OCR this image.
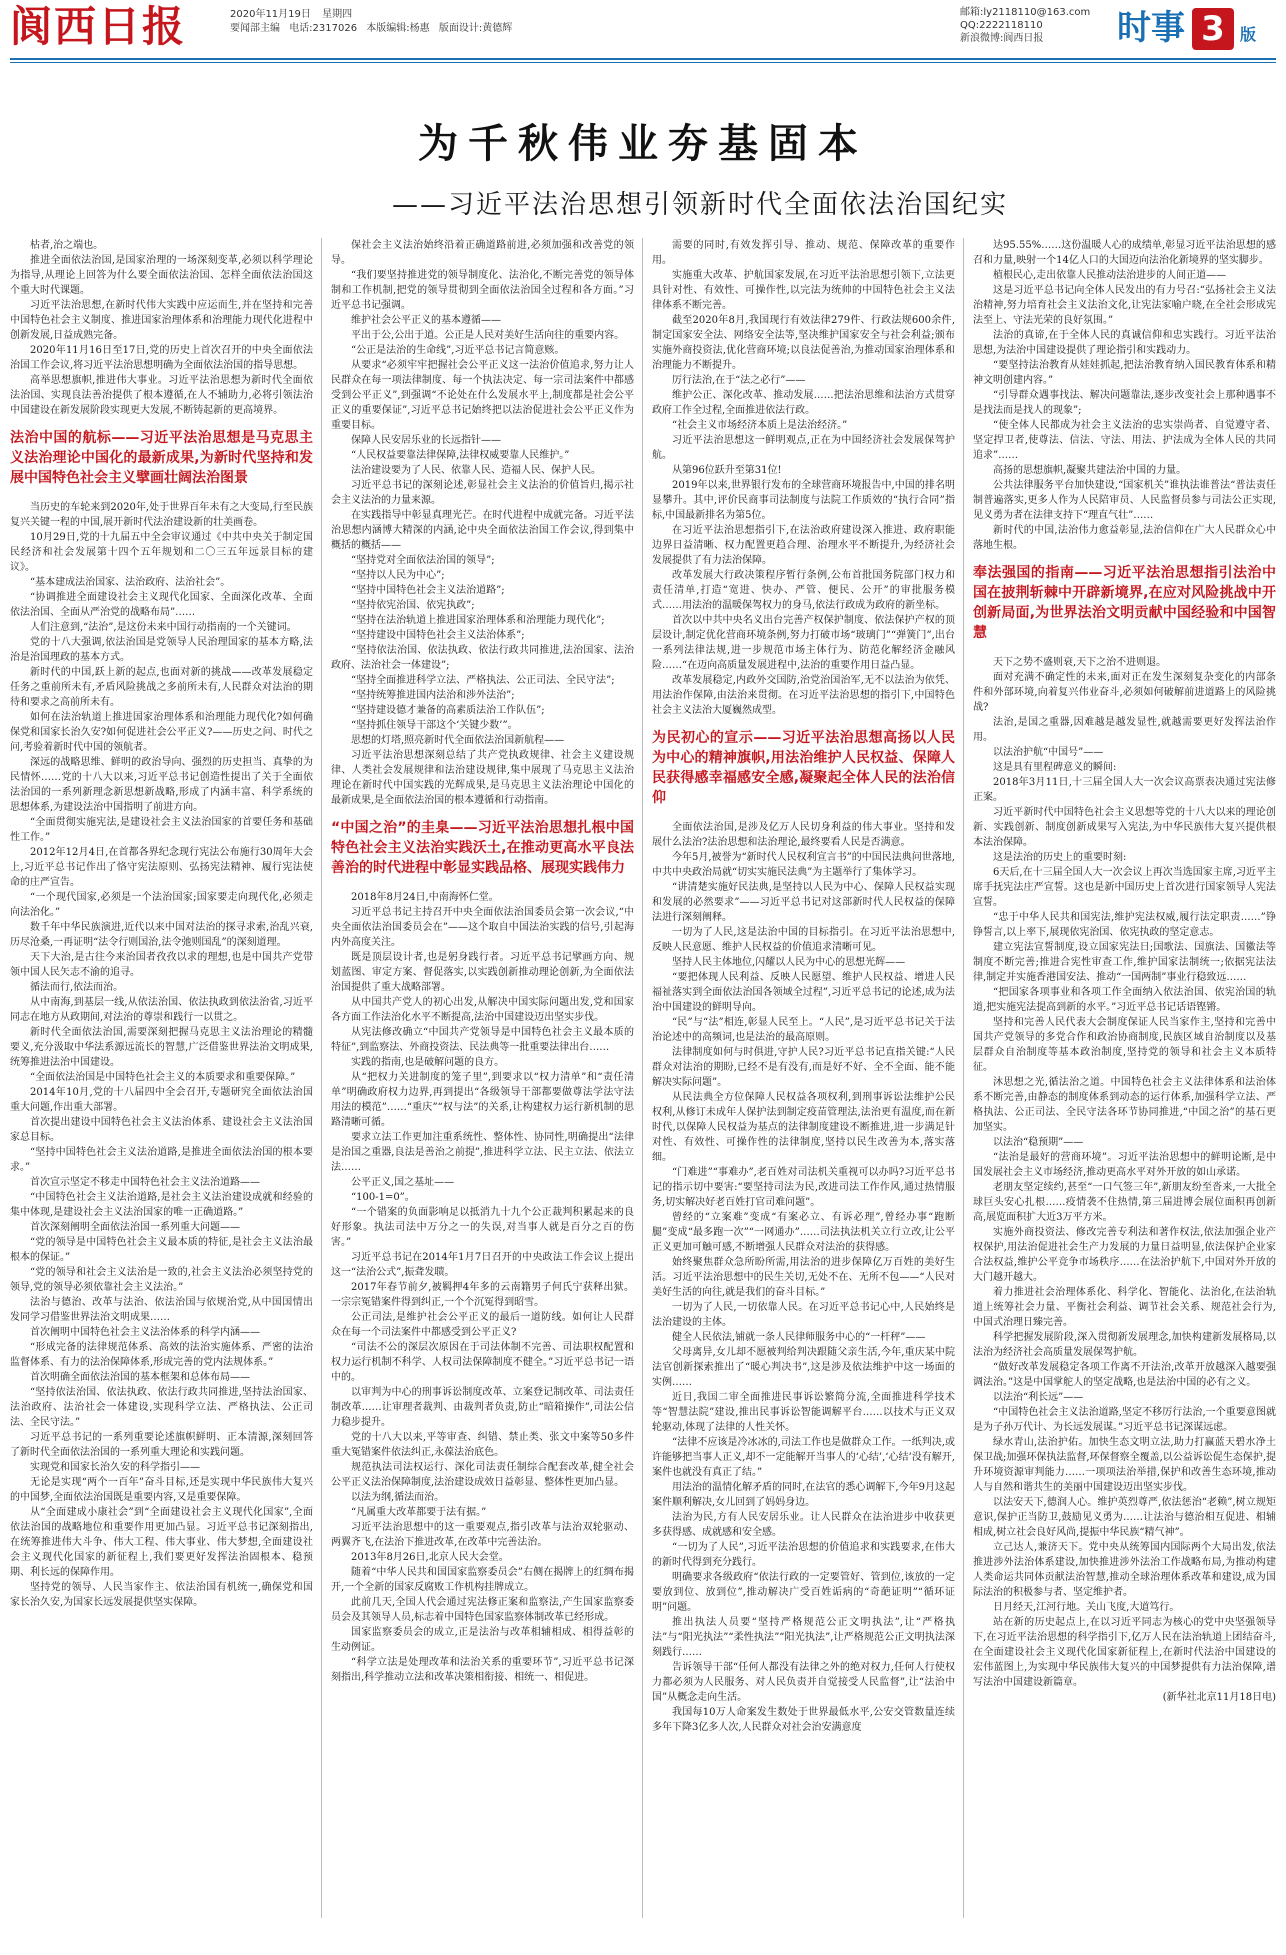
阆西日报	2020年11月19日 星期四
要闻部主编 电话:2317026 本版编辑:杨惠 版面设计:黄德辉
邮箱:ly2118110@163.com
QQ:2222118110
新浪微博:阆西日报	时事 3 版
为千秋伟业夯基固本
——习近平法治思想引领新时代全面依法治国纪实

枯者,治之端也。

推进全面依法治国,是国家治理的一场深刻变革,必须以科学理论为指导,从理论上回答为什么要全面依法治国、怎样全面依法治国这个重大时代课题。

习近平法治思想,在新时代伟大实践中应运而生,并在坚持和完善中国特色社会主义制度、推进国家治理体系和治理能力现代化进程中创新发展,日益成熟完备。

2020年11月16日至17日,党的历史上首次召开的中央全面依法治国工作会议,将习近平法治思想明确为全面依法治国的指导思想。

高举思想旗帜,推进伟大事业。习近平法治思想为新时代全面依法治国、实现良法善治提供了根本遵循,在人不辅助力,必将引领法治中国建设在新发展阶段实现更大发展,不断铸起新的更高境界。

法治中国的航标——习近平法治思想是马克思主义法治理论中国化的最新成果,为新时代坚持和发展中国特色社会主义擘画壮阔法治图景

当历史的车轮来到2020年,处于世界百年未有之大变局,行至民族复兴关键一程的中国,展开新时代法治建设新的壮美画卷。

10月29日,党的十九届五中全会审议通过《中共中央关于制定国民经济和社会发展第十四个五年规划和二〇三五年远景目标的建议》。

“基本建成法治国家、法治政府、法治社会”。

“协调推进全面建设社会主义现代化国家、全面深化改革、全面依法治国、全面从严治党的战略布局”……

人们注意到,“法治”,是这份未来中国行动指南的一个关键词。

党的十八大强调,依法治国是党领导人民治理国家的基本方略,法治是治国理政的基本方式。

新时代的中国,跃上新的起点,也面对新的挑战——改革发展稳定任务之重前所未有,矛盾风险挑战之多前所未有,人民群众对法治的期待和要求之高前所未有。

如何在法治轨道上推进国家治理体系和治理能力现代化?如何确保党和国家长治久安?如何促进社会公平正义?——历史之问、时代之问,考验着新时代中国的领航者。

深远的战略思维、鲜明的政治导向、强烈的历史担当、真挚的为民情怀……党的十八大以来,习近平总书记创造性提出了关于全面依法治国的一系列新理念新思想新战略,形成了内涵丰富、科学系统的思想体系,为建设法治中国指明了前进方向。

“全面贯彻实施宪法,是建设社会主义法治国家的首要任务和基础性工作。”

2012年12月4日,在首都各界纪念现行宪法公布施行30周年大会上,习近平总书记作出了恪守宪法原则、弘扬宪法精神、履行宪法使命的庄严宣告。

“一个现代国家,必须是一个法治国家;国家要走向现代化,必须走向法治化。”

数千年中华民族演进,近代以来中国对法治的探寻求索,治乱兴衰,历尽沧桑,一再证明“法令行则国治,法令弛则国乱”的深刻道理。

天下大治,是古往今来治国者孜孜以求的理想,也是中国共产党带领中国人民矢志不渝的追寻。

循法而行,依法而治。

从中南海,到基层一线,从依法治国、依法执政到依法治省,习近平同志在地方从政期间,对法治的尊崇和践行一以贯之。

新时代全面依法治国,需要深刻把握马克思主义法治理论的精髓要义,充分汲取中华法系源远流长的智慧,广泛借鉴世界法治文明成果,统筹推进法治中国建设。

“全面依法治国是中国特色社会主义的本质要求和重要保障。”

2014年10月,党的十八届四中全会召开,专题研究全面依法治国重大问题,作出重大部署。

首次提出建设中国特色社会主义法治体系、建设社会主义法治国家总目标。

“坚持中国特色社会主义法治道路,是推进全面依法治国的根本要求。”

首次宣示坚定不移走中国特色社会主义法治道路——

“中国特色社会主义法治道路,是社会主义法治建设成就和经验的集中体现,是建设社会主义法治国家的唯一正确道路。”

首次深刻阐明全面依法治国一系列重大问题——

“党的领导是中国特色社会主义最本质的特征,是社会主义法治最根本的保证。”

“党的领导和社会主义法治是一致的,社会主义法治必须坚持党的领导,党的领导必须依靠社会主义法治。”

法治与德治、改革与法治、依法治国与依规治党,从中国国情出发同学习借鉴世界法治文明成果……

首次阐明中国特色社会主义法治体系的科学内涵——

“形成完备的法律规范体系、高效的法治实施体系、严密的法治监督体系、有力的法治保障体系,形成完善的党内法规体系。”

首次明确全面依法治国的基本框架和总体布局——

“坚持依法治国、依法执政、依法行政共同推进,坚持法治国家、法治政府、法治社会一体建设,实现科学立法、严格执法、公正司法、全民守法。”

习近平总书记的一系列重要论述旗帜鲜明、正本清源,深刻回答了新时代全面依法治国的一系列重大理论和实践问题。

实现党和国家长治久安的科学指引——

无论是实现“两个一百年”奋斗目标,还是实现中华民族伟大复兴的中国梦,全面依法治国既是重要内容,又是重要保障。

从“全面建成小康社会”到“全面建设社会主义现代化国家”,全面依法治国的战略地位和重要作用更加凸显。习近平总书记深刻指出,在统筹推进伟大斗争、伟大工程、伟大事业、伟大梦想,全面建设社会主义现代化国家的新征程上,我们要更好发挥法治固根本、稳预期、利长远的保障作用。

坚持党的领导、人民当家作主、依法治国有机统一,确保党和国家长治久安,为国家长远发展提供坚实保障。

保社会主义法治始终沿着正确道路前进,必须加强和改善党的领导。

“我们要坚持推进党的领导制度化、法治化,不断完善党的领导体制和工作机制,把党的领导贯彻到全面依法治国全过程和各方面。”习近平总书记强调。

维护社会公平正义的基本遵循——

平出于公,公出于道。公正是人民对美好生活向往的重要内容。

“公正是法治的生命线”,习近平总书记言简意赅。

从要求“必须牢牢把握社会公平正义这一法治价值追求,努力让人民群众在每一项法律制度、每一个执法决定、每一宗司法案件中都感受到公平正义”,到强调“不论处在什么发展水平上,制度都是社会公平正义的重要保证”,习近平总书记始终把以法治促进社会公平正义作为重要目标。

保障人民安居乐业的长远指针——

“人民权益要靠法律保障,法律权威要靠人民维护。”

法治建设要为了人民、依靠人民、造福人民、保护人民。

习近平总书记的深刻论述,彰显社会主义法治的价值旨归,揭示社会主义法治的力量来源。

在实践指导中彰显真理光芒。在时代进程中成就完备。习近平法治思想内涵博大精深的内涵,论中央全面依法治国工作会议,得到集中概括的概括——

“坚持党对全面依法治国的领导”;

“坚持以人民为中心”;

“坚持中国特色社会主义法治道路”;

“坚持依宪治国、依宪执政”;

“坚持在法治轨道上推进国家治理体系和治理能力现代化”;

“坚持建设中国特色社会主义法治体系”;

“坚持依法治国、依法执政、依法行政共同推进,法治国家、法治政府、法治社会一体建设”;

“坚持全面推进科学立法、严格执法、公正司法、全民守法”;

“坚持统筹推进国内法治和涉外法治”;

“坚持建设德才兼备的高素质法治工作队伍”;

“坚持抓住领导干部这个‘关键少数’”。

思想的灯塔,照亮新时代全面依法治国新航程——

习近平法治思想深刻总结了共产党执政规律、社会主义建设规律、人类社会发展规律和法治建设规律,集中展现了马克思主义法治理论在新时代中国实践的光辉成果,是马克思主义法治理论中国化的最新成果,是全面依法治国的根本遵循和行动指南。

“中国之治”的圭臬——习近平法治思想扎根中国特色社会主义法治实践沃土,在推动更高水平良法善治的时代进程中彰显实践品格、展现实践伟力

2018年8月24日,中南海怀仁堂。

习近平总书记主持召开中央全面依法治国委员会第一次会议,“中央全面依法治国委员会在”——这个取自中国法治实践的信号,引起海内外高度关注。

既是顶层设计者,也是躬身践行者。习近平总书记擘画方向、规划蓝图、审定方案、督促落实,以实践创新推动理论创新,为全面依法治国提供了重大战略部署。

从中国共产党人的初心出发,从解决中国实际问题出发,党和国家各方面工作法治化水平不断提高,法治中国建设迈出坚实步伐。

从宪法修改确立“中国共产党领导是中国特色社会主义最本质的特征”,到监察法、外商投资法、民法典等一批重要法律出台……

实践的指南,也是破解问题的良方。

从“把权力关进制度的笼子里”,到要求以“权力清单”和“责任清单”明确政府权力边界,再到提出“各级领导干部都要做尊法学法守法用法的模范”……“重庆”“权与法”的关系,让构建权力运行新机制的思路清晰可循。

要求立法工作更加注重系统性、整体性、协同性,明确提出“法律是治国之重器,良法是善治之前提”,推进科学立法、民主立法、依法立法……

公平正义,国之基址——

“100-1=0”。

“一个错案的负面影响足以抵消九十九个公正裁判积累起来的良好形象。执法司法中万分之一的失误,对当事人就是百分之百的伤害。”

习近平总书记在2014年1月7日召开的中央政法工作会议上提出这一“法治公式”,振聋发聩。

2017年春节前夕,被羁押4年多的云南籍男子何氏宁获释出狱。一宗宗冤错案件得到纠正,一个个沉冤得到昭雪。

公正司法,是维护社会公平正义的最后一道防线。如何让人民群众在每一个司法案件中都感受到公平正义?

“司法不公的深层次原因在于司法体制不完善、司法职权配置和权力运行机制不科学、人权司法保障制度不健全。”习近平总书记一语中的。

以审判为中心的刑事诉讼制度改革、立案登记制改革、司法责任制改革……让审理者裁判、由裁判者负责,防止“暗箱操作”,司法公信力稳步提升。

党的十八大以来,平等审查、纠错、禁止类、张文中案等50多件重大冤错案件依法纠正,永葆法治底色。

规范执法司法权运行、深化司法责任制综合配套改革,健全社会公平正义法治保障制度,法治建设成效日益彰显、整体性更加凸显。

以法为纲,循法而治。

“凡属重大改革都要于法有据。”

习近平法治思想中的这一重要观点,指引改革与法治双轮驱动、两翼齐飞,在法治下推进改革,在改革中完善法治。

2013年8月26日,北京人民大会堂。

随着“中华人民共和国国家监察委员会”右侧在揭牌上的红绸布揭开,一个全新的国家反腐败工作机构挂牌成立。

此前几天,全国人代会通过宪法修正案和监察法,产生国家监察委员会及其领导人员,标志着中国特色国家监察体制改革已经形成。

国家监察委员会的成立,正是法治与改革相辅相成、相得益彰的生动例证。

“科学立法是处理改革和法治关系的重要环节”,习近平总书记深刻指出,科学推动立法和改革决策相衔接、相统一、相促进。

需要的同时,有效发挥引导、推动、规范、保障改革的重要作用。

实施重大改革、护航国家发展,在习近平法治思想引领下,立法更具针对性、有效性、可操作性,以完法为统帅的中国特色社会主义法律体系不断完善。

截至2020年8月,我国现行有效法律279件、行政法规600余件,制定国家安全法、网络安全法等,坚决维护国家安全与社会利益;颁布实施外商投资法,优化营商环境;以良法促善治,为推动国家治理体系和治理能力不断提升。

厉行法治,在于“法之必行”——

维护公正、深化改革、推动发展……把法治思维和法治方式贯穿政府工作全过程,全面推进依法行政。

“社会主义市场经济本质上是法治经济。”

习近平法治思想这一鲜明观点,正在为中国经济社会发展保驾护航。

从第96位跃升至第31位!

2019年以来,世界银行发布的全球营商环境报告中,中国的排名明显攀升。其中,评价民商事司法制度与法院工作质效的“执行合同”指标,中国最新排名为第5位。

在习近平法治思想指引下,在法治政府建设深入推进、政府职能边界日益清晰、权力配置更趋合理、治理水平不断提升,为经济社会发展提供了有力法治保障。

改革发展大行政决策程序暂行条例,公布首批国务院部门权力和责任清单,打造“宽进、快办、严管、便民、公开”的审批服务模式……用法治的温暖保驾权力的身马,依法行政成为政府的新坐标。

首次以中共中央名义出台完善产权保护制度、依法保护产权的顶层设计,制定优化营商环境条例,努力打破市场“玻璃门”“弹簧门”,出台一系列法律法规,进一步规范市场主体行为、防范化解经济金融风险……“在迈向高质量发展进程中,法治的重要作用日益凸显。

改革发展稳定,内政外交国防,治党治国治军,无不以法治为依凭、用法治作保障,由法治来贯彻。在习近平法治思想的指引下,中国特色社会主义法治大厦巍然成型。

为民初心的宣示——习近平法治思想高扬以人民为中心的精神旗帜,用法治维护人民权益、保障人民获得感幸福感安全感,凝聚起全体人民的法治信仰

全面依法治国,是涉及亿万人民切身利益的伟大事业。坚持和发展什么法治?法治思想和法治理论,最终要看人民是否满意。

今年5月,被誉为“新时代人民权利宣言书”的中国民法典问世落地,中共中央政治局就“切实实施民法典”为主题举行了集体学习。

“讲清楚实施好民法典,是坚持以人民为中心、保障人民权益实现和发展的必然要求”——习近平总书记对这部新时代人民权益的保障法进行深刻阐释。

一切为了人民,这是法治中国的目标指引。在习近平法治思想中,反映人民意愿、维护人民权益的价值追求清晰可见。

坚持人民主体地位,闪耀以人民为中心的思想光辉——

“要把体现人民利益、反映人民愿望、维护人民权益、增进人民福祉落实到全面依法治国各领域全过程”,习近平总书记的论述,成为法治中国建设的鲜明导向。

“民”与“法”相连,彰显人民至上。“人民”,是习近平总书记关于法治论述中的高频词,也是法治的最高原则。

法律制度如何与时俱进,守护人民?习近平总书记直指关键:“人民群众对法治的期盼,已经不是有没有,而是好不好、全不全面、能不能解决实际问题”。

从民法典全方位保障人民权益各项权利,到刑事诉讼法维护公民权利,从修订未成年人保护法到制定疫苗管理法,法治更有温度,而在新时代,以保障人民权益为基点的法律制度建设不断推进,进一步满足针对性、有效性、可操作性的法律制度,坚持以民生改善为本,落实落细。

“门难进”“事难办”,老百姓对司法机关重视可以办吗?习近平总书记的指示切中要害:“要坚持司法为民,改进司法工作作风,通过热情服务,切实解决好老百姓打官司难问题”。

曾经的“立案难”变成“有案必立、有诉必理”,曾经办事“跑断腿”变成“最多跑一次”“一网通办”……司法执法机关立行立改,让公平正义更加可触可感,不断增强人民群众对法治的获得感。

始终聚焦群众急所盼所需,用法治的进步保障亿万百姓的美好生活。习近平法治思想中的民生关切,无处不在、无所不包——“人民对美好生活的向往,就是我们的奋斗目标。”

一切为了人民,一切依靠人民。在习近平总书记心中,人民始终是法治建设的主体。

健全人民依法,铺就一条人民律师服务中心的“一杆秤”——

父母离异,女儿却不愿被判给判决跟随父亲生活,今年,重庆某中院法官创新探索推出了“暖心判决书”,这是涉及依法维护中这一场面的实例……

近日,我国二审全面推进民事诉讼繁简分流,全面推进科学技术等“智慧法院”建设,推出民事诉讼智能调解平台……以技术与正义双轮驱动,体现了法律的人性关怀。

“法律不应该是冷冰冰的,司法工作也是做群众工作。一纸判决,或许能够把当事人正义,却不一定能解开当事人的‘心结’,‘心结’没有解开,案件也就没有真正了结。”

用法治的温情化解矛盾的同时,在法官的悉心调解下,今年9月这起案件顺利解决,女儿回到了妈妈身边。

法治为民,方有人民安居乐业。让人民群众在法治进步中收获更多获得感、成就感和安全感。

“一切为了人民”,习近平法治思想的价值追求和实践要求,在伟大的新时代得到充分践行。

明确要求各级政府“依法行政的一定要管好、管到位,该放的一定要放到位、放到位”,推动解决广受百姓诟病的“奇葩证明”“循环证明”问题。

推出执法人员要“坚持严格规范公正文明执法”,让“严格执法”与“阳光执法”“柔性执法”“阳光执法”,让严格规范公正文明执法深刻践行……

告诉领导干部“任何人都没有法律之外的绝对权力,任何人行使权力都必须为人民服务、对人民负责并自觉接受人民监督”,让“法治中国”从概念走向生活。

我国每10万人命案发生数处于世界最低水平,公安交管数量连续多年下降3亿多人次,人民群众对社会治安满意度

达95.55%……这份温暖人心的成绩单,彰显习近平法治思想的感召和力量,映射一个14亿人口的大国迈向法治化新境界的坚实脚步。

植根民心,走出依靠人民推动法治进步的人间正道——

这是习近平总书记向全体人民发出的有力号召:“弘扬社会主义法治精神,努力培育社会主义法治文化,让宪法家喻户晓,在全社会形成宪法至上、守法光荣的良好氛围。”

法治的真谛,在于全体人民的真诚信仰和忠实践行。习近平法治思想,为法治中国建设提供了理论指引和实践动力。

“要坚持法治教育从娃娃抓起,把法治教育纳入国民教育体系和精神文明创建内容。”

“引导群众遇事找法、解决问题靠法,逐步改变社会上那种遇事不是找法而是找人的现象”;

“使全体人民都成为社会主义法治的忠实崇尚者、自觉遵守者、坚定捍卫者,使尊法、信法、守法、用法、护法成为全体人民的共同追求”……

高扬的思想旗帜,凝聚共建法治中国的力量。

公共法律服务平台加快建设,“国家机关”谁执法谁普法“普法责任制普遍落实,更多人作为人民陪审员、人民监督员参与司法公正实现,见义勇为者在法律支持下“理直气壮”……

新时代的中国,法治伟力愈益彰显,法治信仰在广大人民群众心中落地生根。

奉法强国的指南——习近平法治思想指引法治中国在披荆斩棘中开辟新境界,在应对风险挑战中开创新局面,为世界法治文明贡献中国经验和中国智慧

天下之势不盛则衰,天下之治不进则退。

面对充满不确定性的未来,面对正在发生深刻复杂变化的内部条件和外部环境,向着复兴伟业奋斗,必须如何破解前进道路上的风险挑战?

法治,是国之重器,因难越是越发显性,就越需要更好发挥法治作用。

以法治护航“中国号”——

这是具有里程碑意义的瞬间:

2018年3月11日,十三届全国人大一次会议高票表决通过宪法修正案。

习近平新时代中国特色社会主义思想等党的十八大以来的理论创新、实践创新、制度创新成果写入宪法,为中华民族伟大复兴提供根本法治保障。

这是法治的历史上的重要时刻:

6天后,在十三届全国人大一次会议上再次当选国家主席,习近平主席手抚宪法庄严宣誓。这也是新中国历史上首次进行国家领导人宪法宣誓。

“忠于中华人民共和国宪法,维护宪法权威,履行法定职责……”铮铮誓言,以上率下,展现依宪治国、依宪执政的坚定意志。

建立宪法宣誓制度,设立国家宪法日;国歌法、国旗法、国徽法等制度不断完善;推进合宪性审查工作,维护国家法制统一;依据宪法法律,制定并实施香港国安法、推动“一国两制”事业行稳致远……

“把国家各项事业和各项工作全面纳入依法治国、依宪治国的轨道,把实施宪法提高到新的水平。”习近平总书记话语铿锵。

坚持和完善人民代表大会制度保证人民当家作主,坚持和完善中国共产党领导的多党合作和政治协商制度,民族区域自治制度以及基层群众自治制度等基本政治制度,坚持党的领导和社会主义本质特征。

沐思想之光,循法治之道。中国特色社会主义法律体系和法治体系不断完善,由静态的制度体系到动态的运行体系,加强科学立法、严格执法、公正司法、全民守法各环节协同推进,“中国之治”的基石更加坚实。

以法治“稳预期”——

“法治是最好的营商环境”。习近平法治思想中的鲜明论断,是中国发展社会主义市场经济,推动更高水平对外开放的如山承诺。

老朋友坚定续约,甚至“一口气签三年”,新朋友纷至沓来,一大批全球巨头安心扎根……疫情袭不住热情,第三届进博会展位面积再创新高,展览面积扩大近3万平方米。

实施外商投资法、修改完善专利法和著作权法,依法加强企业产权保护,用法治促进社会生产力发展的力量日益明显,依法保护企业家合法权益,维护公平竞争市场秩序……在法治护航下,中国对外开放的大门越开越大。

着力推进社会治理体系化、科学化、智能化、法治化,在法治轨道上统筹社会力量、平衡社会利益、调节社会关系、规范社会行为,中国式治理日臻完善。

科学把握发展阶段,深入贯彻新发展理念,加快构建新发展格局,以法治为经济社会高质量发展保驾护航。

“做好改革发展稳定各项工作离不开法治,改革开放越深入越要强调法治。”这是中国掌舵人的坚定战略,也是法治中国的必有之义。

以法治“利长远”——

“中国特色社会主义法治道路,坚定不移厉行法治,一个重要意图就是为子孙万代计、为长远发展谋。”习近平总书记深谋远虑。

绿水青山,法治护佑。加快生态文明立法,助力打赢蓝天碧水净土保卫战;加强环保执法监督,环保督察全覆盖,以公益诉讼促生态保护,提升环境资源审判能力……一项项法治举措,保护和改善生态环境,推动人与自然和谐共生的美丽中国建设迈出坚实步伐。

以法安天下,德润人心。维护英烈尊严,依法惩治“老赖”,树立规矩意识,保护正当防卫,鼓励见义勇为……让法治与德治相互促进、相辅相成,树立社会良好风尚,提振中华民族“精气神”。

立己达人,兼济天下。党中央从统筹国内国际两个大局出发,依法推进涉外法治体系建设,加快推进涉外法治工作战略布局,为推动构建人类命运共同体贡献法治智慧,推动全球治理体系改革和建设,成为国际法治的积极参与者、坚定维护者。

日月经天,江河行地。关山飞度,大道笃行。

站在新的历史起点上,在以习近平同志为核心的党中央坚强领导下,在习近平法治思想的科学指引下,亿万人民在法治轨道上团结奋斗,在全面建设社会主义现代化国家新征程上,在新时代法治中国建设的宏伟蓝图上,为实现中华民族伟大复兴的中国梦提供有力法治保障,谱写法治中国建设新篇章。

(新华社北京11月18日电)
